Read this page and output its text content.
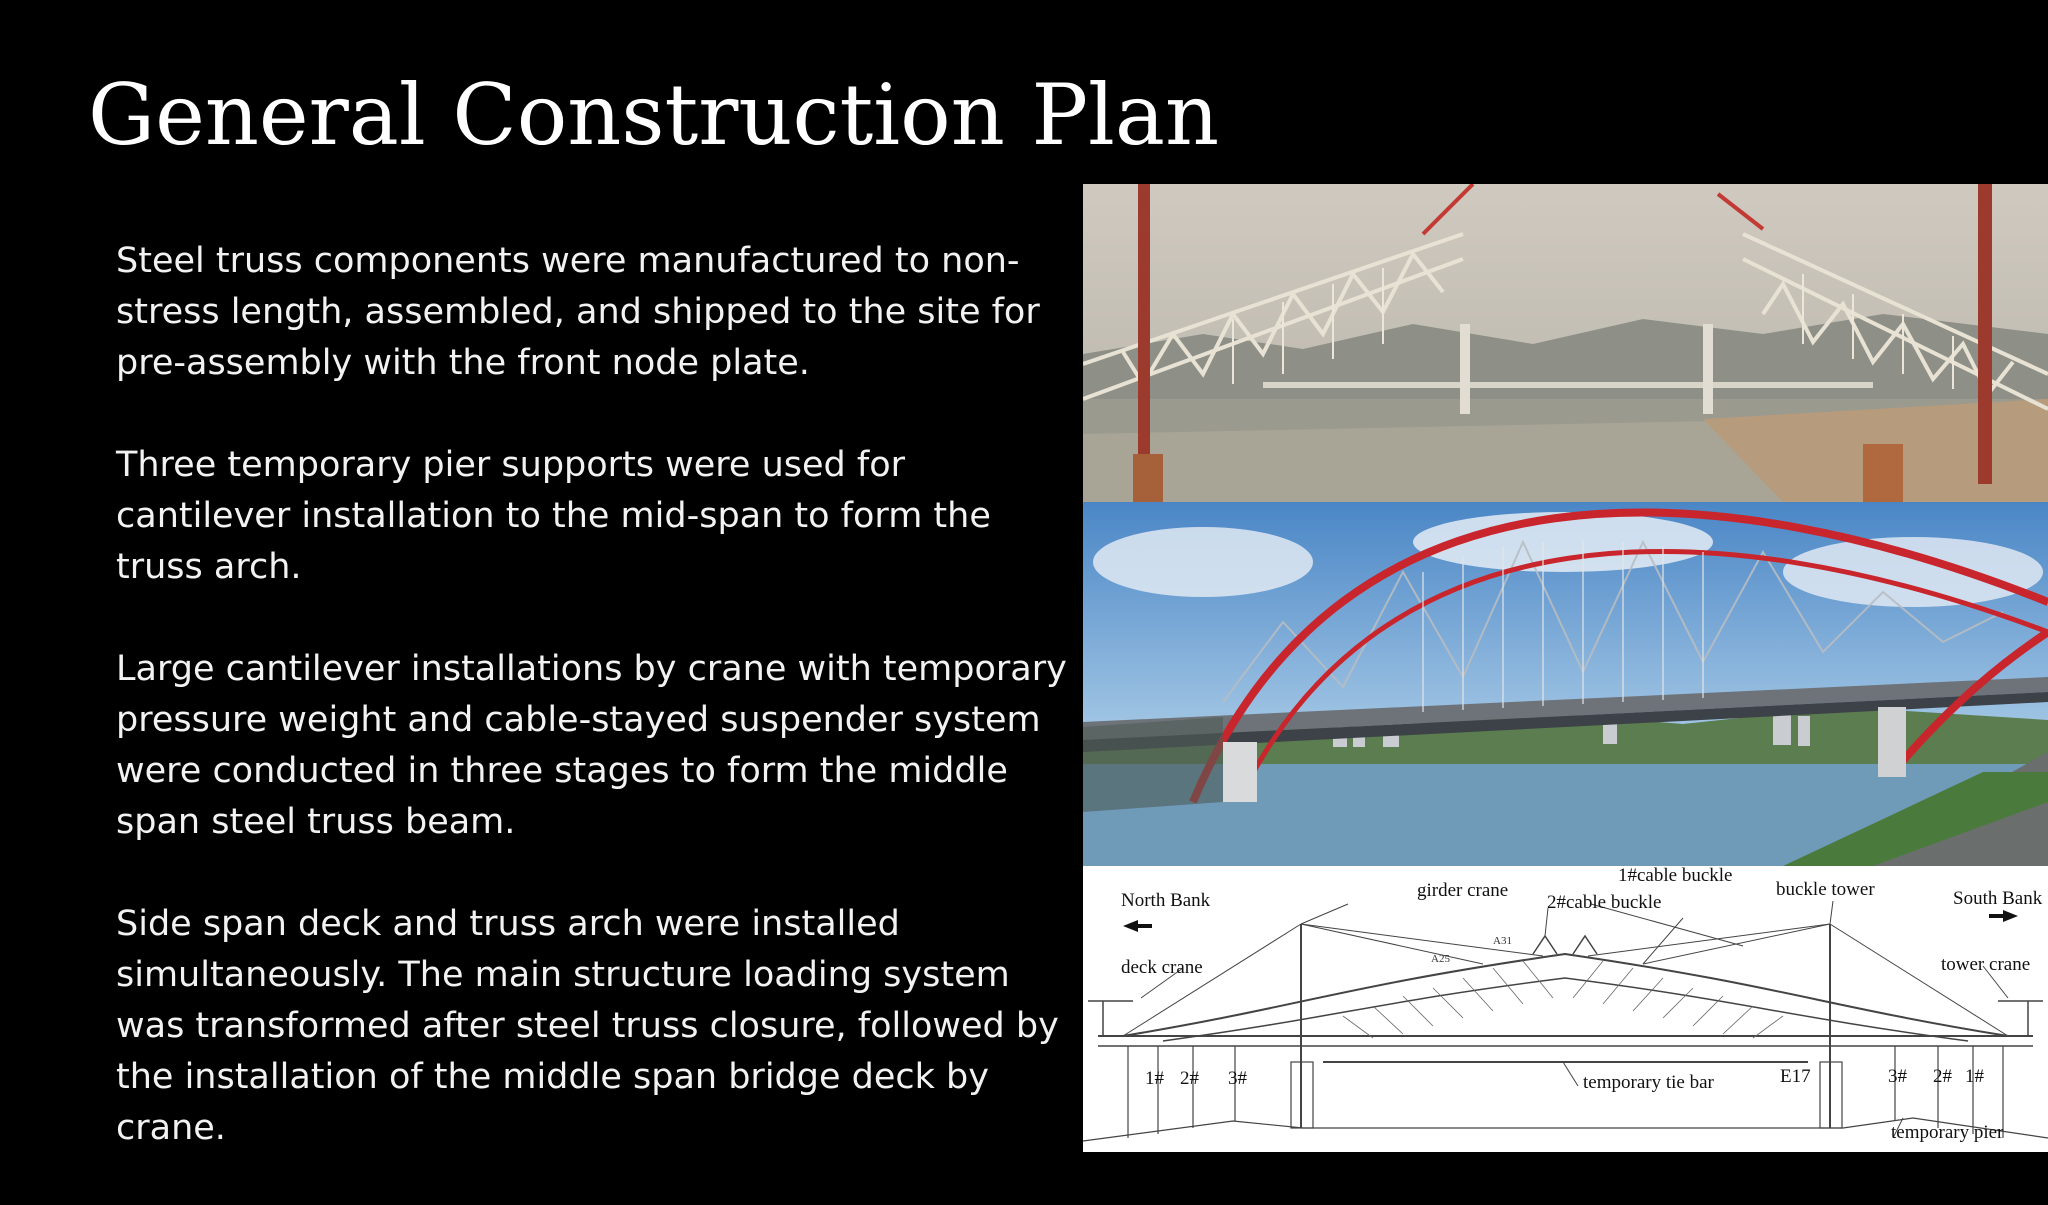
General Construction Plan

Steel truss components were manufactured to non-stress length, assembled, and shipped to the site for pre-assembly with the front node plate.

Three temporary pier supports were used for cantilever installation to the mid-span to form the truss arch.

Large cantilever installations by crane with temporary pressure weight and cable-stayed suspender system were conducted in three stages to form the middle span steel truss beam.

Side span deck and truss arch were installed simultaneously. The main structure loading system was transformed after steel truss closure, followed by the installation of the middle span bridge deck by crane.

North Bank	South Bank
girder crane
1#cable buckle
2#cable buckle
buckle tower
deck crane	tower crane
temporary tie bar
temporary pier
E17
A31
A25
1# 2# 3#	3# 2# 1#
